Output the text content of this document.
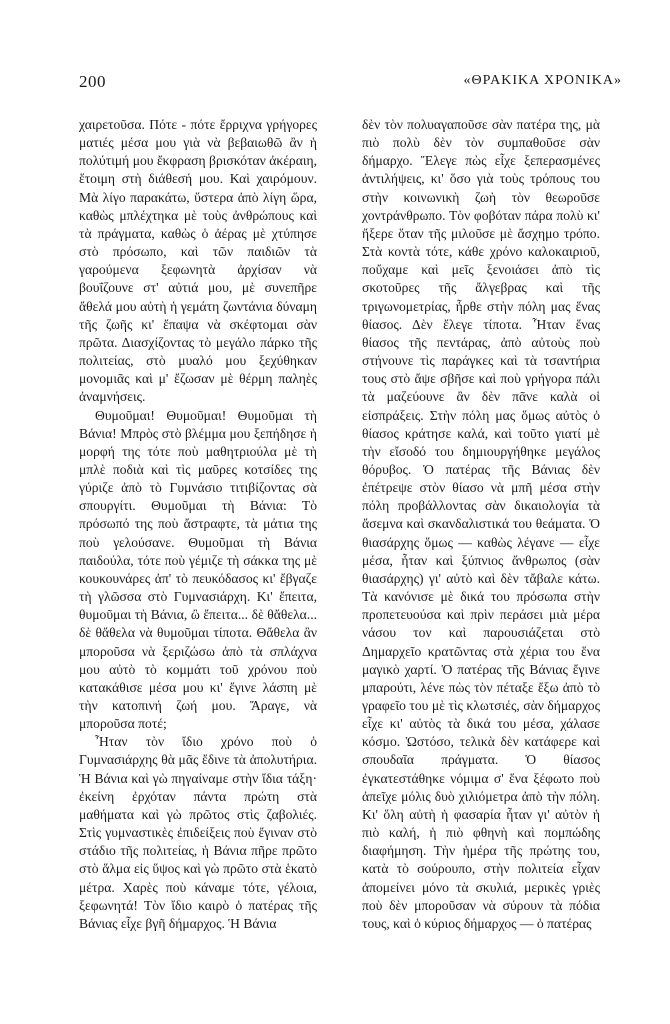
200	«ΘΡΑΚΙΚΑ ΧΡΟΝΙΚΑ»

χαιρετοῦσα. Πότε - πότε ἔρριχνα γρήγορες ματιές μέσα μου γιὰ νὰ βεβαιωθῶ ἂν ἡ πολύτιμή μου ἔκφραση βρισκόταν ἀκέραιη, ἕτοιμη στὴ διάθεσή μου. Καὶ χαιρόμουν. Μὰ λίγο παρακάτω, ὕστερα ἀπὸ λίγη ὥρα, καθὼς μπλέχτηκα μὲ τοὺς ἀνθρώπους καὶ τὰ πράγματα, καθὼς ὁ ἀέρας μὲ χτύπησε στὸ πρόσωπο, καὶ τῶν παιδιῶν τὰ γαρούμενα ξεφωνητὰ ἀρχίσαν νὰ βουΐζουνε στ' αὐτιά μου, μὲ συνεπῆρε ἄθελά μου αὐτὴ ἡ γεμάτη ζωντάνια δύναμη τῆς ζωῆς κι' ἔπαψα νὰ σκέφτομαι σὰν πρῶτα. Διασχίζοντας τὸ μεγάλο πάρκο τῆς πολιτείας, στὸ μυαλό μου ξεχύθηκαν μονομιᾶς καὶ μ' ἔζωσαν μὲ θέρμη παληὲς ἀναμνήσεις.

Θυμοῦμαι! Θυμοῦμαι! Θυμοῦμαι τὴ Βάνια! Μπρὸς στὸ βλέμμα μου ξεπήδησε ἡ μορφή της τότε ποὺ μαθητριούλα μὲ τὴ μπλὲ ποδιὰ καὶ τὶς μαῦρες κοτσίδες της γύριζε ἀπὸ τὸ Γυμνάσιο τιτιβίζοντας σὰ σπουργίτι. Θυμοῦμαι τὴ Βάνια: Τὸ πρόσωπό της ποὺ ἄστραφτε, τὰ μάτια της ποὺ γελούσανε. Θυμοῦμαι τὴ Βάνια παιδούλα, τότε ποὺ γέμιζε τὴ σάκκα της μὲ κουκουνάρες ἀπ' τὸ πευκόδασος κι' ἔβγαζε τὴ γλῶσσα στὸ Γυμνασιάρχη. Κι' ἔπειτα, θυμοῦμαι τὴ Βάνια, ὢ ἔπειτα... δὲ θἄθελα... δὲ θἄθελα νὰ θυμοῦμαι τίποτα. Θἄθελα ἂν μποροῦσα νὰ ξεριζώσω ἀπὸ τὰ σπλάχνα μου αὐτὸ τὸ κομμάτι τοῦ χρόνου ποὺ κατακάθισε μέσα μου κι' ἔγινε λάσπη μὲ τὴν κατοπινή ζωή μου. Ἄραγε, νὰ μποροῦσα ποτέ;

Ἦταν τὸν ἴδιο χρόνο ποὺ ὁ Γυμνασιάρχης θὰ μᾶς ἔδινε τὰ ἀπολυτήρια. Ἡ Βάνια καὶ γὼ πηγαίναμε στὴν ἴδια τάξη· ἐκείνη ἐρχόταν πάντα πρώτη στὰ μαθήματα καὶ γὼ πρῶτος στὶς ζαβολιές. Στὶς γυμναστικὲς ἐπιδείξεις ποὺ ἔγιναν στὸ στάδιο τῆς πολιτείας, ἡ Βάνια πῆρε πρῶτο στὸ ἅλμα εἰς ὕψος καὶ γὼ πρῶτο στὰ ἑκατὸ μέτρα. Χαρὲς ποὺ κάναμε τότε, γέλοια, ξεφωνητά! Τὸν ἴδιο καιρὸ ὁ πατέρας τῆς Βάνιας εἶχε βγῆ δήμαρχος. Ἡ Βάνια

δὲν τὸν πολυαγαποῦσε σὰν πατέρα της, μὰ πιὸ πολὺ δὲν τὸν συμπαθοῦσε σὰν δήμαρχο. Ἔλεγε πὼς εἶχε ξεπερασμένες ἀντιλήψεις, κι' ὅσο γιὰ τοὺς τρόπους του στὴν κοινωνικὴ ζωὴ τὸν θεωροῦσε χοντράνθρωπο. Τὸν φοβόταν πάρα πολὺ κι' ἤξερε ὅταν τῆς μιλοῦσε μὲ ἄσχημο τρόπο. Στὰ κοντὰ τότε, κάθε χρόνο καλοκαιριοῦ, ποὔχαμε καὶ μεῖς ξενοιάσει ἀπὸ τὶς σκοτοῦρες τῆς ἄλγεβρας καὶ τῆς τριγωνομετρίας, ἦρθε στὴν πόλη μας ἕνας θίασος. Δὲν ἔλεγε τίποτα. Ἦταν ἕνας θίασος τῆς πεντάρας, ἀπὸ αὐτοὺς ποὺ στήνουνε τὶς παράγκες καὶ τὰ τσαντήρια τους στὸ ἄψε σβῆσε καὶ ποὺ γρήγορα πάλι τὰ μαζεύουνε ἂν δὲν πᾶνε καλὰ οἱ εἰσπράξεις. Στὴν πόλη μας ὅμως αὐτὸς ὁ θίασος κράτησε καλά, καὶ τοῦτο γιατί μὲ τὴν εἴσοδό του δημιουργήθηκε μεγάλος θόρυβος. Ὁ πατέρας τῆς Βάνιας δὲν ἐπέτρεψε στὸν θίασο νὰ μπῆ μέσα στὴν πόλη προβάλλοντας σὰν δικαιολογία τὰ ἄσεμνα καὶ σκανδαλιστικά του θεάματα. Ὁ θιασάρχης ὅμως — καθὼς λέγανε — εἶχε μέσα, ἦταν καὶ ξύπνιος ἄνθρωπος (σὰν θιασάρχης) γι' αὐτὸ καὶ δὲν τἄβαλε κάτω. Τὰ κανόνισε μὲ δικά του πρόσωπα στὴν προπετευούσα καὶ πρὶν περάσει μιὰ μέρα νάσου τον καὶ παρουσιάζεται στὸ Δημαρχεῖο κρατῶντας στὰ χέρια του ἕνα μαγικὸ χαρτί. Ὁ πατέρας τῆς Βάνιας ἔγινε μπαρούτι, λένε πὼς τὸν πέταξε ἔξω ἀπὸ τὸ γραφεῖο του μὲ τὶς κλωτσιές, σὰν δήμαρχος εἶχε κι' αὐτὸς τὰ δικά του μέσα, χάλασε κόσμο. Ὡστόσο, τελικὰ δὲν κατάφερε καὶ σπουδαῖα πράγματα. Ὁ θίασος ἐγκατεστάθηκε νόμιμα σ' ἕνα ξέφωτο ποὺ ἀπεῖχε μόλις δυὸ χιλιόμετρα ἀπὸ τὴν πόλη. Κι' ὅλη αὐτὴ ἡ φασαρία ἦταν γι' αὐτὸν ἡ πιὸ καλή, ἡ πιὸ φθηνὴ καὶ πομπώδης διαφήμηση. Τὴν ἡμέρα τῆς πρώτης του, κατὰ τὸ σούρουπο, στὴν πολιτεία εἶχαν ἀπομείνει μόνο τὰ σκυλιά, μερικὲς γριὲς ποὺ δὲν μποροῦσαν νὰ σύρουν τὰ πόδια τους, καὶ ὁ κύριος δήμαρχος — ὁ πατέρας
